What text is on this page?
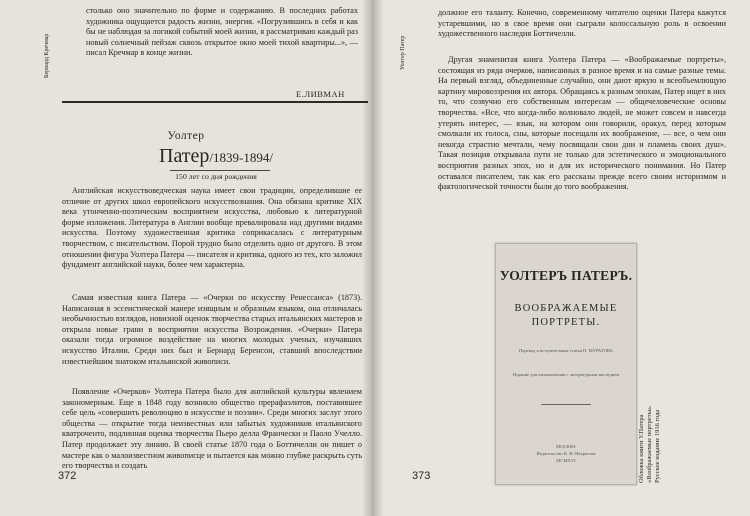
Бернард Кречмар

столько оно значительно по форме и содержанию. В последних работах художника ощущается радость жизни, энергия. «Погрузившись в себя и как бы не наблюдая за логикой событий моей жизни, я рассматриваю каждый раз новый солнечный пейзаж сквозь открытое окно моей тихой квартиры...», — писал Кречмар в конце жизни.

Е.ЛИВМАН
Уолтер
Патер/1839-1894/
150 лет со дня рождения

Английская искусствоведческая наука имеет свои традиции, определившие ее отличие от других школ европейского искусствознания. Она обязана критике XIX века утонченно-поэтическим восприятием искусства, любовью к литературной форме изложения. Литература в Англии вообще превалировала над другими видами искусства. Поэтому художественная критика соприкасалась с литературным творчеством, с писательством. Порой трудно было отделить одно от другого. В этом отношении фигура Уолтера Патера — писателя и критика, одного из тех, кто заложил фундамент английской науки, более чем характерна.

Самая известная книга Патера — «Очерки по искусству Ренессанса» (1873). Написанная в эссеистической манере изящным и образным языком, она отличалась необычностью взглядов, новизной оценок творчества старых итальянских мастеров и открыла новые грани в восприятии искусства Возрождения. «Очерки» Патера оказали тогда огромное воздействие на многих молодых ученых, изучавших искусство Италии. Среди них был и Бернард Беренсон, ставший впоследствии известнейшим знатоком итальянской живописи.

Появление «Очерков» Уолтера Патера было для английской культуры явлением закономерным. Еще в 1848 году возникло общество прерафаэлитов, поставившее себе цель «совершить революцию в искусстве и поэзии». Среди многих заслуг этого общества — открытие тогда неизвестных или забытых художников итальянского кватроченто, подлинная оценка творчества Пьеро делла Франчески и Паоло Учелло. Патер продолжает эту линию. В своей статье 1870 года о Боттичелли он пишет о мастере как о малоизвестном живописце и пытается как можно глубже раскрыть суть его творчества и создать

372
Уолтер Патер

должное его таланту. Конечно, современному читателю оценки Патера кажутся устаревшими, но в свое время они сыграли колоссальную роль в освоении художественного наследия Боттичелли.

Другая знаменитая книга Уолтера Патера — «Воображаемые портреты», состоящая из ряда очерков, написанных в разное время и на самые разные темы. На первый взгляд, объединенные случайно, они дают яркую и всеобъемлющую картину мировоззрения их автора. Обращаясь к разным эпохам, Патер ищет в них то, что созвучно его собственным интересам — общечеловеческие основы творчества. «Все, что когда-либо волновало людей, не может совсем и навсегда утерять интерес, — язык, на котором они говорили, оракул, перед которым смолкали их голоса, сны, которые посещали их воображение, — все, о чем они некогда страстно мечтали, чему посвящали свои дни и пламень своих душ». Такая позиция открывала пути не только для эстетического и эмоционального восприятия разных эпох, но и для их исторического понимания. Но Патер оставался писателем, так как его рассказы прежде всего своим историзмом и фактологической точности были до того воображения.

373
УОЛТЕРЪ ПАТЕРЪ.
ВООБРАЖАЕМЫЕ
ПОРТРЕТЫ.
Перевод и вступительная статья П. МУРАТОВА
Издание для ознакомления с литературным наследием
МОСКВА
Издательство К. Ф. Некрасова
MCMXVI	Обложка книги У.Патера «Воображаемые портреты». Русское издание 1916 года
